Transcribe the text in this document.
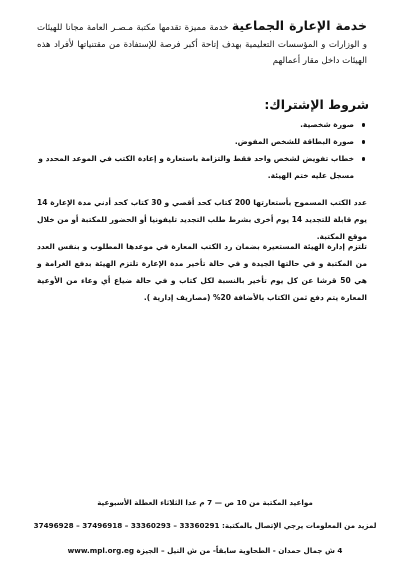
خدمة الإعارة الجماعية خدمة مميزة تقدمها مكتبة مـصـر العامة مجانا للهيئات و الوزارات و المؤسسات التعليمية بهدف إتاحة أكبر فرصة للإستفادة من مقتنياتها لأفراد هذه الهيئات داخل مقار أعمالهم
شروط الإشتراك:
صورة شخصية.
صورة البطاقة للشخص المفوض.
خطاب تفويض لشخص واحد فقط والتزامة باستعارة و إعادة الكتب في الموعد المحدد و مسجل عليه ختم الهيئة.
عدد الكتب المسموح بأستعارتها 200 كتاب كحد أقصي و 30 كتاب كحد أدني مدة الإعارة 14 يوم قابلة للتجديد 14 يوم أخرى بشرط طلب التجديد تليفونيا أو الحضور للمكتبة أو من خلال موقع المكتبة.
تلتزم إدارة الهيئة المستعيرة بضمان رد الكتب المعارة في موعدها المطلوب و بنفس العدد من المكتبة و في حالتها الجيدة و في حالة تأخير مدة الإعارة تلتزم الهيئة بدفع الغرامة و هي 50 قرشا عن كل يوم تأخير بالنسبة لكل كتاب و في حالة ضياع أي وعاء من الأوعية المعارة يتم دفع ثمن الكتاب بالأضافة 20% (مصاريف إدارية ).
مواعيد المكتبة من 10 ص — 7 م عدا الثلاثاء العطلة الأسبوعية
لمزيد من المعلومات يرجي الإتصال بالمكتبة: 33360291 – 33360293 – 37496918 – 37496928
4 ش جمال حمدان - الطحاوية سابقاً- من ش النيل – الجيزة www.mpl.org.eg
